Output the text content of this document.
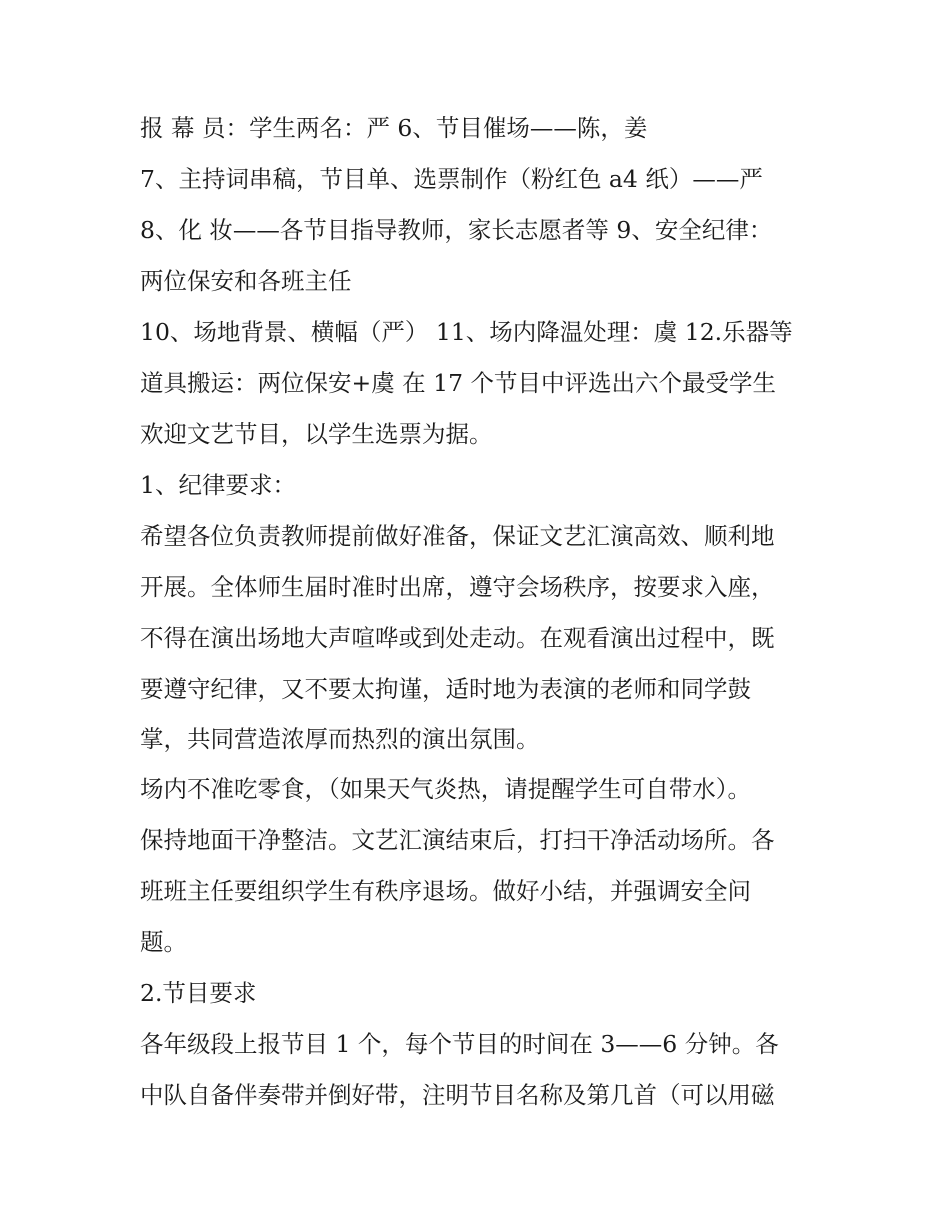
报 幕 员：学生两名：严 6、节目催场——陈，姜
7、主持词串稿，节目单、选票制作（粉红色 a4 纸）——严
8、化 妆——各节目指导教师，家长志愿者等 9、安全纪律：
两位保安和各班主任
10、场地背景、横幅（严） 11、场内降温处理：虞 12.乐器等
道具搬运：两位保安+虞 在 17 个节目中评选出六个最受学生
欢迎文艺节目，以学生选票为据。
1、纪律要求：
希望各位负责教师提前做好准备，保证文艺汇演高效、顺利地
开展。全体师生届时准时出席，遵守会场秩序，按要求入座，
不得在演出场地大声喧哗或到处走动。在观看演出过程中，既
要遵守纪律，又不要太拘谨，适时地为表演的老师和同学鼓
掌，共同营造浓厚而热烈的演出氛围。
场内不准吃零食，（如果天气炎热，请提醒学生可自带水）。
保持地面干净整洁。文艺汇演结束后，打扫干净活动场所。各
班班主任要组织学生有秩序退场。做好小结，并强调安全问
题。
2.节目要求
各年级段上报节目 1 个，每个节目的时间在 3——6 分钟。各
中队自备伴奏带并倒好带，注明节目名称及第几首（可以用磁
